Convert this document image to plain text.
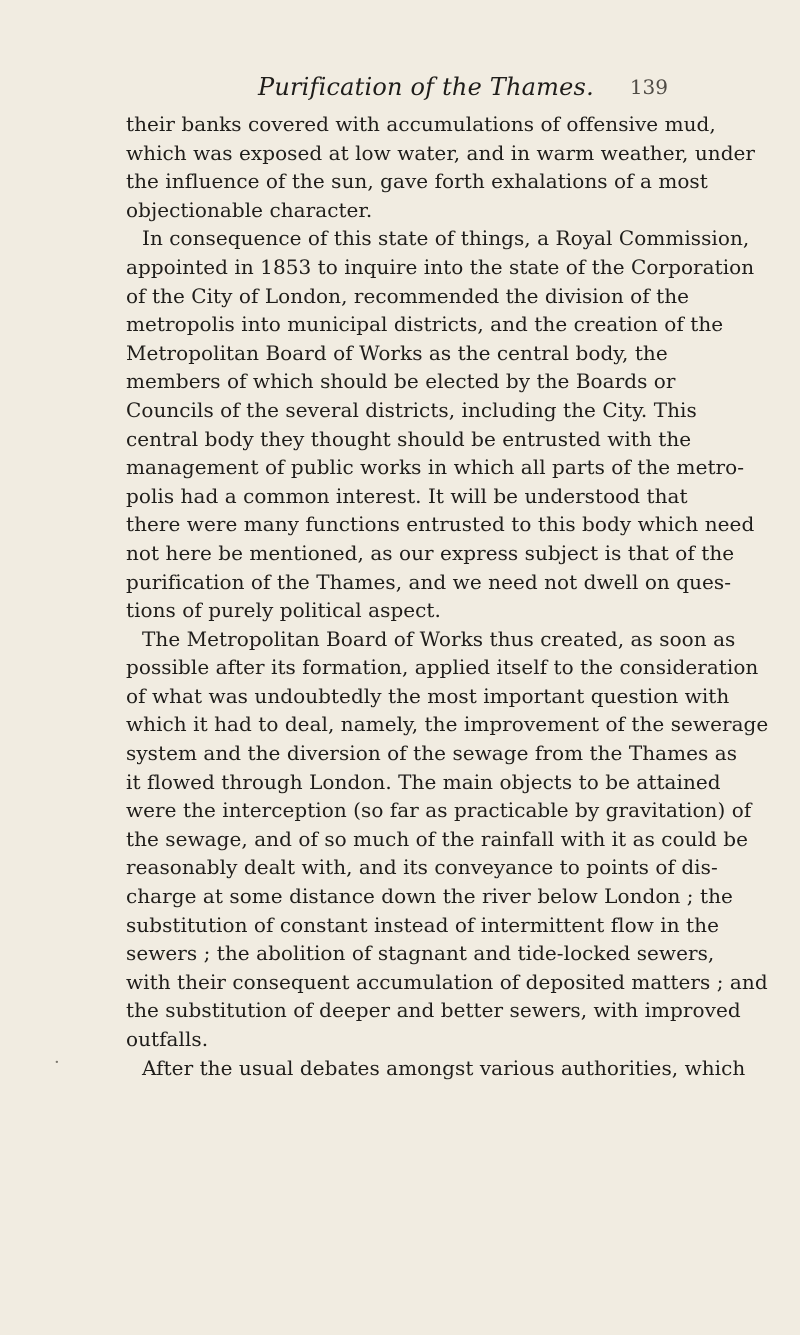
Purification of the Thames. 139
their banks covered with accumulations of offensive mud,
which was exposed at low water, and in warm weather, under
the influence of the sun, gave forth exhalations of a most
objectionable character.
In consequence of this state of things, a Royal Commission,
appointed in 1853 to inquire into the state of the Corporation
of the City of London, recommended the division of the
metropolis into municipal districts, and the creation of the
Metropolitan Board of Works as the central body, the
members of which should be elected by the Boards or
Councils of the several districts, including the City. This
central body they thought should be entrusted with the
management of public works in which all parts of the metro-
polis had a common interest. It will be understood that
there were many functions entrusted to this body which need
not here be mentioned, as our express subject is that of the
purification of the Thames, and we need not dwell on ques-
tions of purely political aspect.
The Metropolitan Board of Works thus created, as soon as
possible after its formation, applied itself to the consideration
of what was undoubtedly the most important question with
which it had to deal, namely, the improvement of the sewerage
system and the diversion of the sewage from the Thames as
it flowed through London. The main objects to be attained
were the interception (so far as practicable by gravitation) of
the sewage, and of so much of the rainfall with it as could be
reasonably dealt with, and its conveyance to points of dis-
charge at some distance down the river below London ; the
substitution of constant instead of intermittent flow in the
sewers ; the abolition of stagnant and tide-locked sewers,
with their consequent accumulation of deposited matters ; and
the substitution of deeper and better sewers, with improved
outfalls.
After the usual debates amongst various authorities, which
·
